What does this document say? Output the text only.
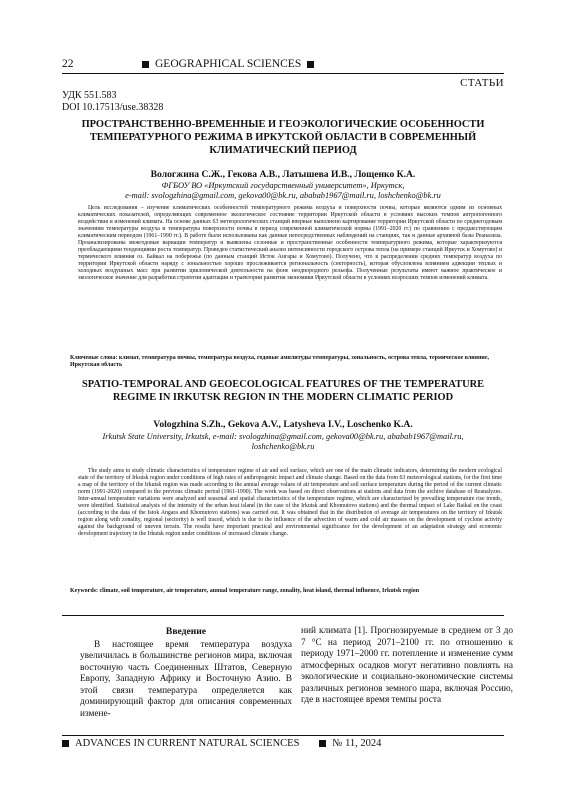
22	GEOGRAPHICAL SCIENCES
СТАТЬИ
УДК 551.583
DOI 10.17513/use.38328
ПРОСТРАНСТВЕННО-ВРЕМЕННЫЕ И ГЕОЭКОЛОГИЧЕСКИЕ ОСОБЕННОСТИ ТЕМПЕРАТУРНОГО РЕЖИМА В ИРКУТСКОЙ ОБЛАСТИ В СОВРЕМЕННЫЙ КЛИМАТИЧЕСКИЙ ПЕРИОД
Вологжина С.Ж., Гекова А.В., Латышева И.В., Лощенко К.А.
ФГБОУ ВО «Иркутский государственный университет», Иркутск,
e-mail: svologzhina@gmail.com, gekova00@bk.ru, ababab1967@mail.ru, loshchenko@bk.ru
Цель исследования – изучение климатических особенностей температурного режима воздуха и поверхности почвы, которые являются одним из основных климатических показателей, определяющих современное экологическое состояние территории Иркутской области в условиях высоких темпов антропогенного воздействия и изменений климата. На основе данных 63 метеорологических станций впервые выполнено картирование территории Иркутской области по среднегодовым значениям температуры воздуха и температуры поверхности почвы в период современной климатической нормы (1991–2020 гг.) по сравнению с предшествующим климатическим периодом (1961–1990 гг.). В работе были использованы как данные непосредственных наблюдений на станциях, так и данные архивной базы Реанализа. Проанализированы межгодовые вариации температур и выявлены сезонные и пространственные особенности температурного режима, которые характеризуются преобладающими тенденциями роста температур. Проведен статистический анализ интенсивности городского острова тепла (на примере станций Иркутск и Хомутово) и термического влияния оз. Байкал на побережье (по данным станций Исток Ангары и Хомутово). Получено, что в распределении средних температур воздуха по территории Иркутской области наряду с зональностью хорошо прослеживается региональность (секторность), которая обусловлена влиянием адвекции теплых и холодных воздушных масс при развитии циклонической деятельности на фоне неоднородного рельефа. Полученные результаты имеют важное практическое и экологическое значение для разработки стратегии адаптации и траектории развития экономики Иркутской области в условиях возросших темпов изменений климата.
Ключевые слова: климат, температура почвы, температура воздуха, годовые амплитуды температуры, зональность, острова тепла, термическое влияние, Иркутская область
SPATIO-TEMPORAL AND GEOECOLOGICAL FEATURES OF THE TEMPERATURE REGIME IN IRKUTSK REGION IN THE MODERN CLIMATIC PERIOD
Vologzhina S.Zh., Gekova A.V., Latysheva I.V., Loschenko K.A.
Irkutsk State University, Irkutsk, e-mail: svologzhina@gmail.com, gekova00@bk.ru, ababab1967@mail.ru, loshchenko@bk.ru
The study aims to study climatic characteristics of temperature regime of air and soil surface, which are one of the main climatic indicators, determining the modern ecological state of the territory of Irkutsk region under conditions of high rates of anthropogenic impact and climate change. Based on the data from 63 meteorological stations, for the first time a map of the territory of the Irkutsk region was made according to the annual average values of air temperature and soil surface temperature during the period of the current climatic norm (1991-2020) compared to the previous climatic period (1961-1990). The work was based on direct observations at stations and data from the archive database of Reanalyzes. Inter-annual temperature variations were analyzed and seasonal and spatial characteristics of the temperature regime, which are characterized by prevailing temperature rise trends, were identified. Statistical analysis of the intensity of the urban heat island (in the case of the Irkutsk and Khomutovo stations) and the thermal impact of Lake Baikal on the coast (according to the data of the Istok Angara and Khomutovo stations) was carried out. It was obtained that in the distribution of average air temperatures on the territory of Irkutsk region along with zonality, regional (sectority) is well traced, which is due to the influence of the advection of warm and cold air masses on the development of cyclone activity against the background of uneven terrain. The results have important practical and environmental significance for the development of an adaptation strategy and economic development trajectory in the Irkutsk region under conditions of increased climate change.
Keywords: climate, soil temperature, air temperature, annual temperature range, zonality, heat island, thermal influence, Irkutsk region
Введение

В настоящее время температура воздуха увеличилась в большинстве регионов мира, включая восточную часть Соединенных Штатов, Северную Европу, Западную Африку и Восточную Азию. В этой связи температура определяется как доминирующий фактор для описания современных измене-

ний климата [1]. Прогнозируемые в среднем от 3 до 7 °С на период 2071–2100 гг. по отношению к периоду 1971–2000 гг. потепление и изменение сумм атмосферных осадков могут негативно повлиять на экологические и социально-экономические системы различных регионов земного шара, включая Россию, где в настоящее время темпы роста

ADVANCES IN CURRENT NATURAL SCIENCES	№ 11, 2024
